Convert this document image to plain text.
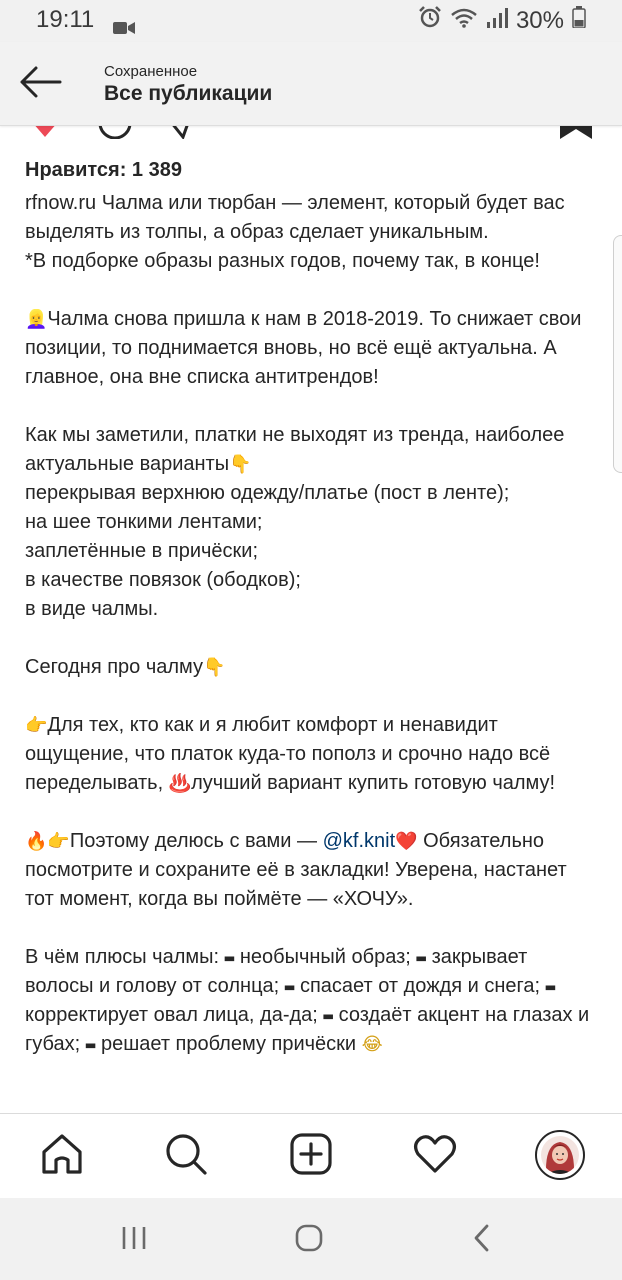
19:11	30%
Сохраненное
Все публикации
Нравится: 1 389

rfnow.ru Чалма или тюрбан — элемент, который будет вас выделять из толпы, а образ сделает уникальным.
*В подборке образы разных годов, почему так, в конце!

👱‍♀️Чалма снова пришла к нам в 2018-2019. То снижает свои позиции, то поднимается вновь, но всё ещё актуальна. А главное, она вне списка антитрендов!

Как мы заметили, платки не выходят из тренда, наиболее актуальные варианты👇
перекрывая верхнюю одежду/платье (пост в ленте);
на шее тонкими лентами;
заплетённые в причёски;
в качестве повязок (ободков);
в виде чалмы.

Сегодня про чалму👇

👉Для тех, кто как и я любит комфорт и ненавидит ощущение, что платок куда-то пополз и срочно надо всё переделывать, ♨️лучший вариант купить готовую чалму!

🔥👉Поэтому делюсь с вами — @kf.knit❤️ Обязательно посмотрите и сохраните её в закладки! Уверена, настанет тот момент, когда вы поймёте — «ХОЧУ».

В чём плюсы чалмы: ▬ необычный образ; ▬ закрывает волосы и голову от солнца; ▬ спасает от дождя и снега; ▬ корректирует овал лица, да-да; ▬ создаёт акцент на глазах и губах; ▬ решает проблему причёски 😂
